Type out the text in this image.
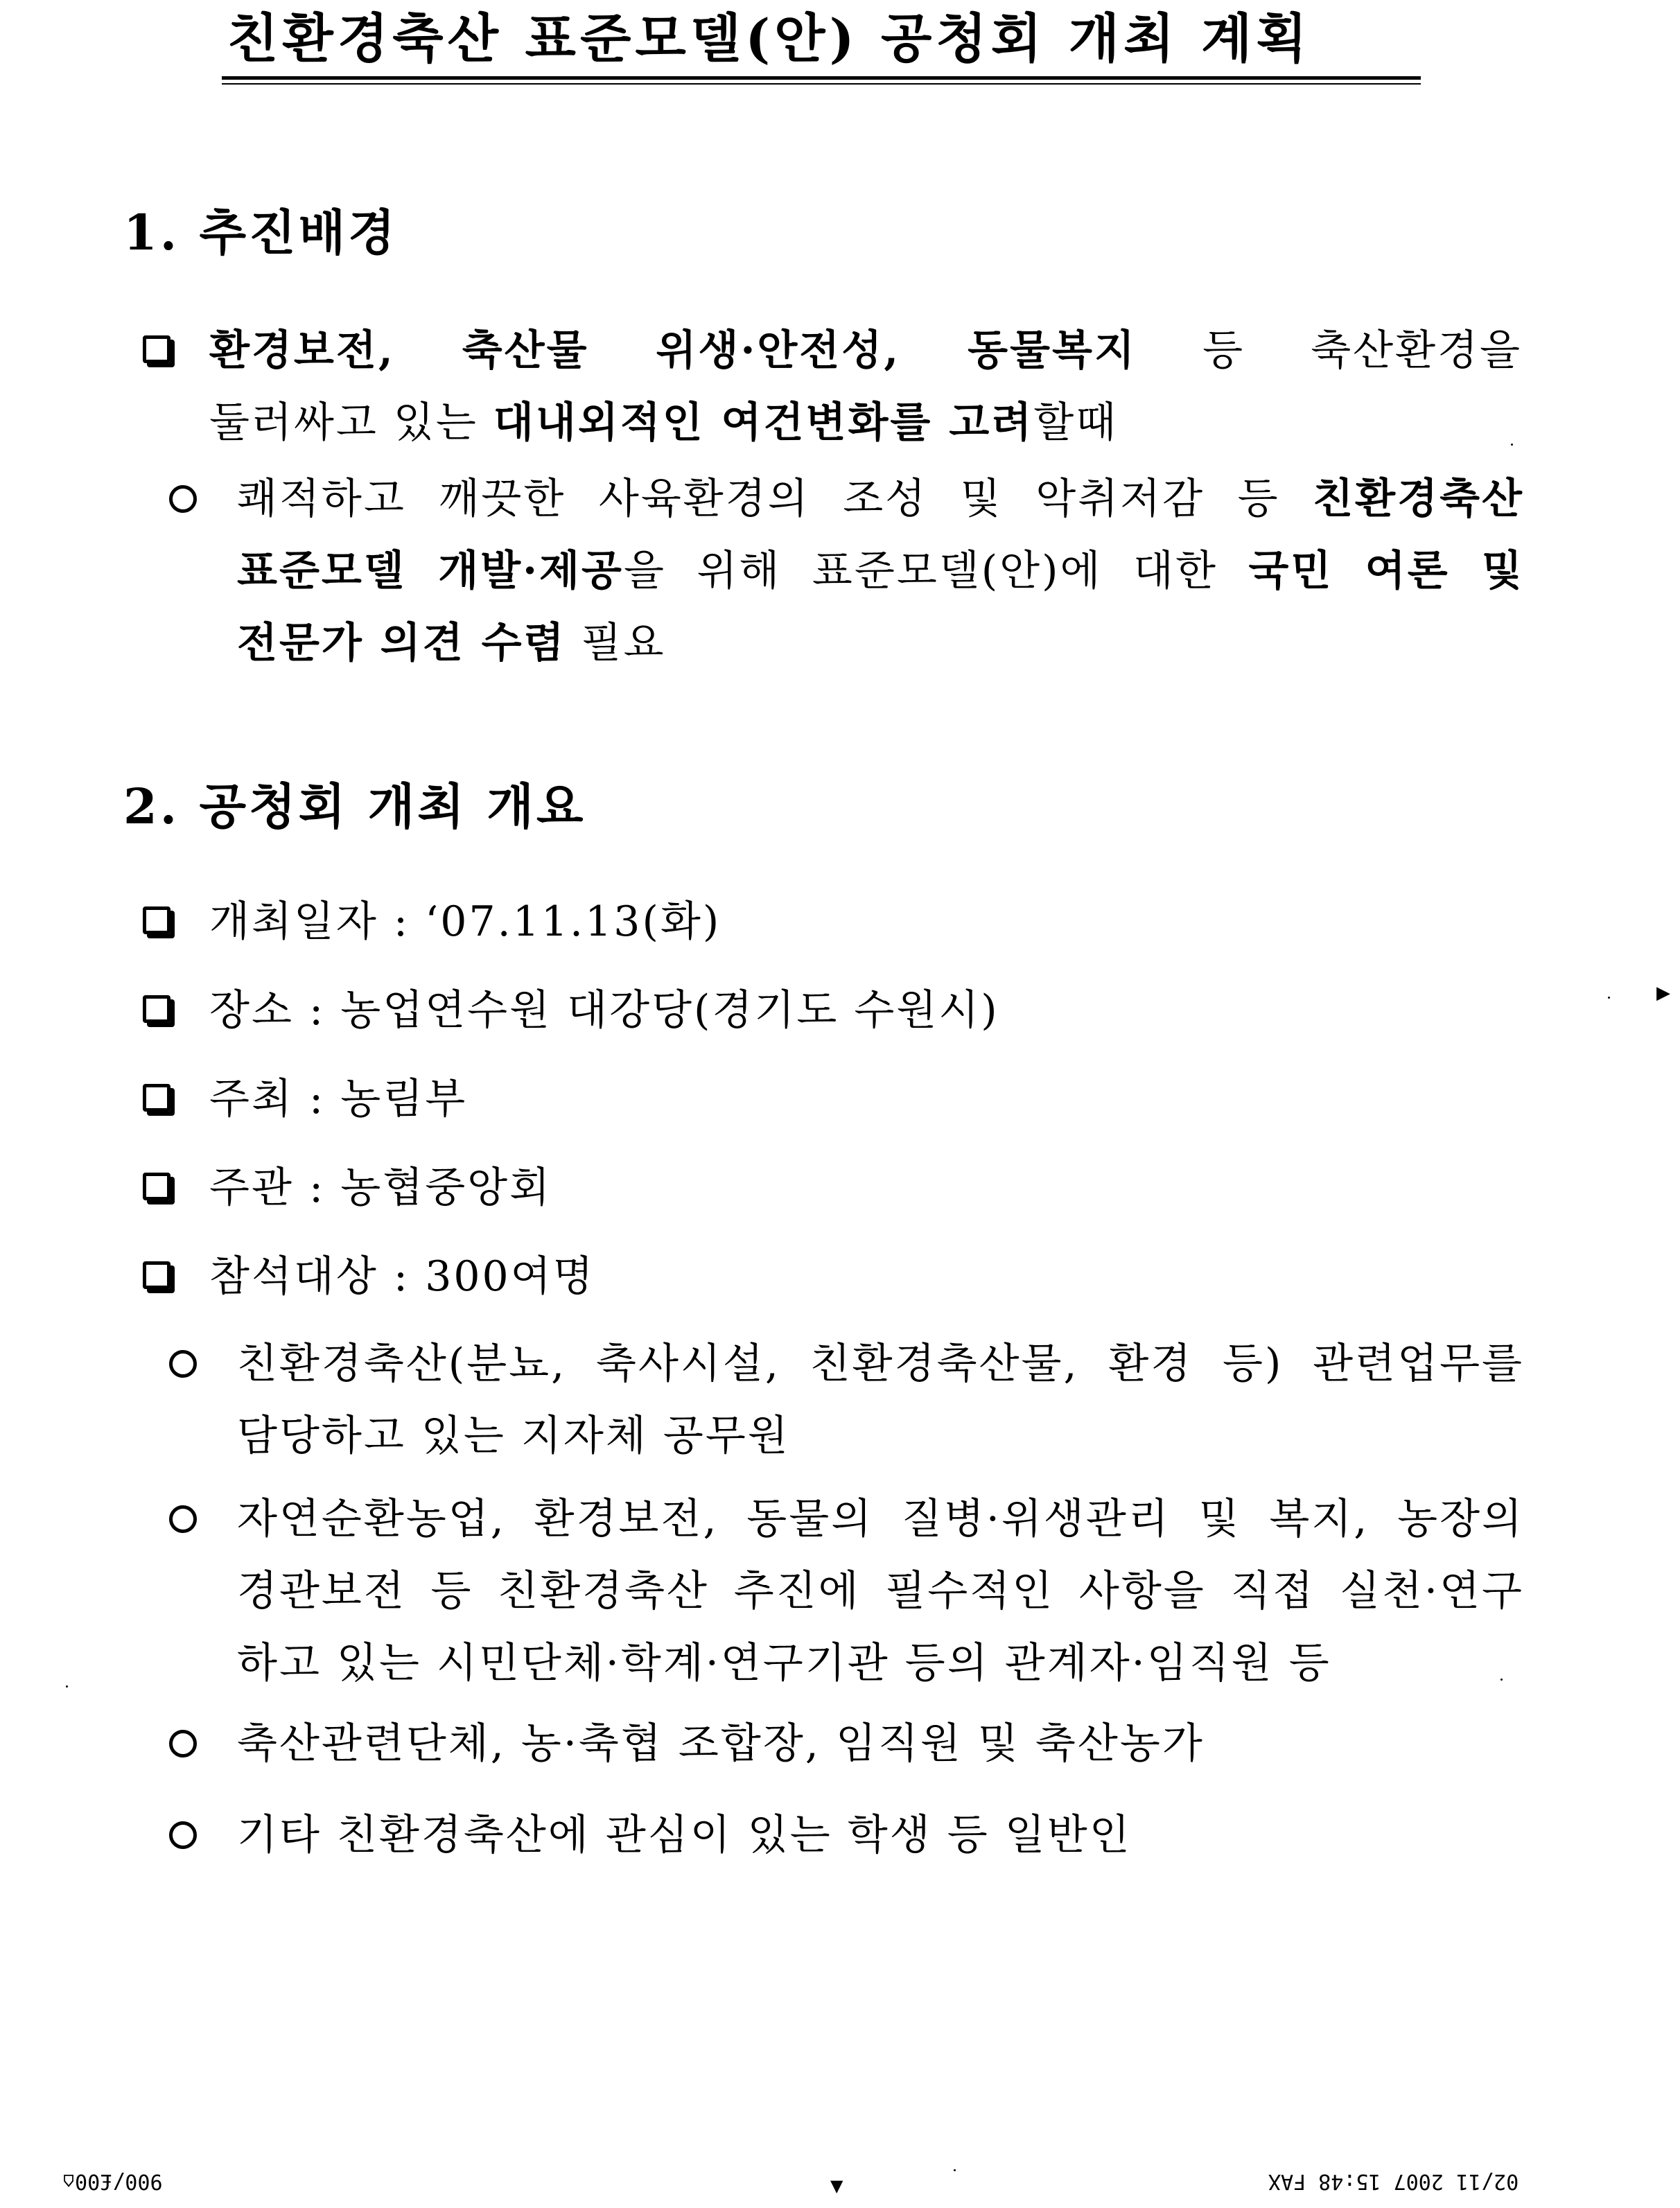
친환경축산 표준모델(안) 공청회 개최 계획
1. 추진배경
환경보전, 축산물 위생·안전성, 동물복지 등 축산환경을
둘러싸고 있는 대내외적인 여건변화를 고려할때
쾌적하고 깨끗한 사육환경의 조성 및 악취저감 등 친환경축산
표준모델 개발·제공을 위해 표준모델(안)에 대한 국민 여론 및
전문가 의견 수렴 필요
2. 공청회 개최 개요
개최일자 : ‘07.11.13(화)
장소 : 농업연수원 대강당(경기도 수원시)
주최 : 농림부
주관 : 농협중앙회
참석대상 : 300여명
친환경축산(분뇨, 축사시설, 친환경축산물, 환경 등) 관련업무를
담당하고 있는 지자체 공무원
자연순환농업, 환경보전, 동물의 질병·위생관리 및 복지, 농장의
경관보전 등 친환경축산 추진에 필수적인 사항을 직접 실천·연구
하고 있는 시민단체·학계·연구기관 등의 관계자·임직원 등
축산관련단체, 농·축협 조합장, 임직원 및 축산농가
기타 친환경축산에 관심이 있는 학생 등 일반인
900/£00⌂	▼	02/11 2007 15:48 FAX
▶
